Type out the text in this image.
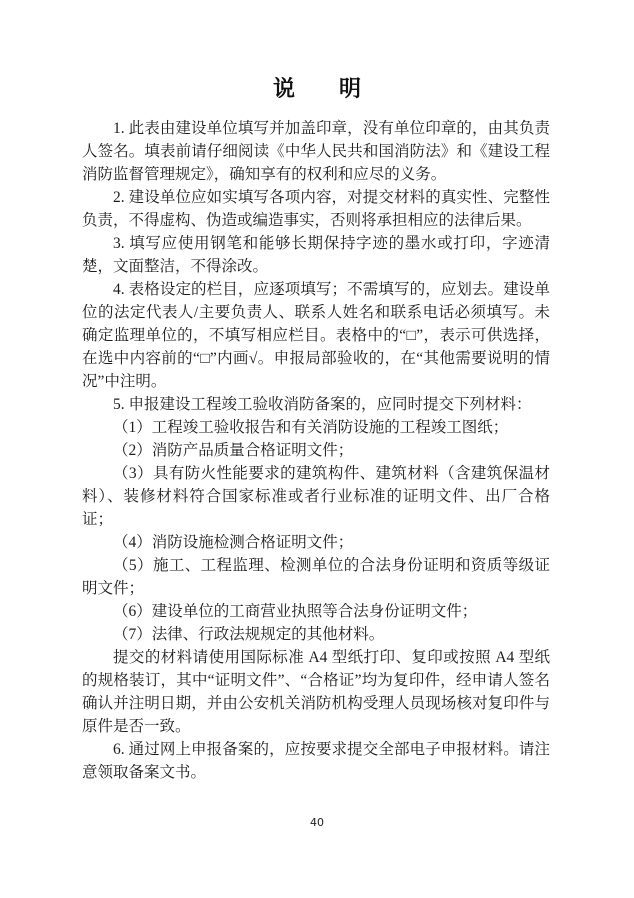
说　　明

1. 此表由建设单位填写并加盖印章，没有单位印章的，由其负责人签名。填表前请仔细阅读《中华人民共和国消防法》和《建设工程消防监督管理规定》，确知享有的权利和应尽的义务。

2. 建设单位应如实填写各项内容，对提交材料的真实性、完整性负责，不得虚构、伪造或编造事实，否则将承担相应的法律后果。

3. 填写应使用钢笔和能够长期保持字迹的墨水或打印，字迹清楚，文面整洁，不得涂改。

4. 表格设定的栏目，应逐项填写；不需填写的，应划去。建设单位的法定代表人/主要负责人、联系人姓名和联系电话必须填写。未确定监理单位的，不填写相应栏目。表格中的“□”，表示可供选择，在选中内容前的“□”内画√。申报局部验收的，在“其他需要说明的情况”中注明。

5. 申报建设工程竣工验收消防备案的，应同时提交下列材料：

（1）工程竣工验收报告和有关消防设施的工程竣工图纸；

（2）消防产品质量合格证明文件；

（3）具有防火性能要求的建筑构件、建筑材料（含建筑保温材料）、装修材料符合国家标准或者行业标准的证明文件、出厂合格证；

（4）消防设施检测合格证明文件；

（5）施工、工程监理、检测单位的合法身份证明和资质等级证明文件；

（6）建设单位的工商营业执照等合法身份证明文件；

（7）法律、行政法规规定的其他材料。

提交的材料请使用国际标准 A4 型纸打印、复印或按照 A4 型纸的规格装订，其中“证明文件”、“合格证”均为复印件，经申请人签名确认并注明日期，并由公安机关消防机构受理人员现场核对复印件与原件是否一致。

6. 通过网上申报备案的，应按要求提交全部电子申报材料。请注意领取备案文书。

40
